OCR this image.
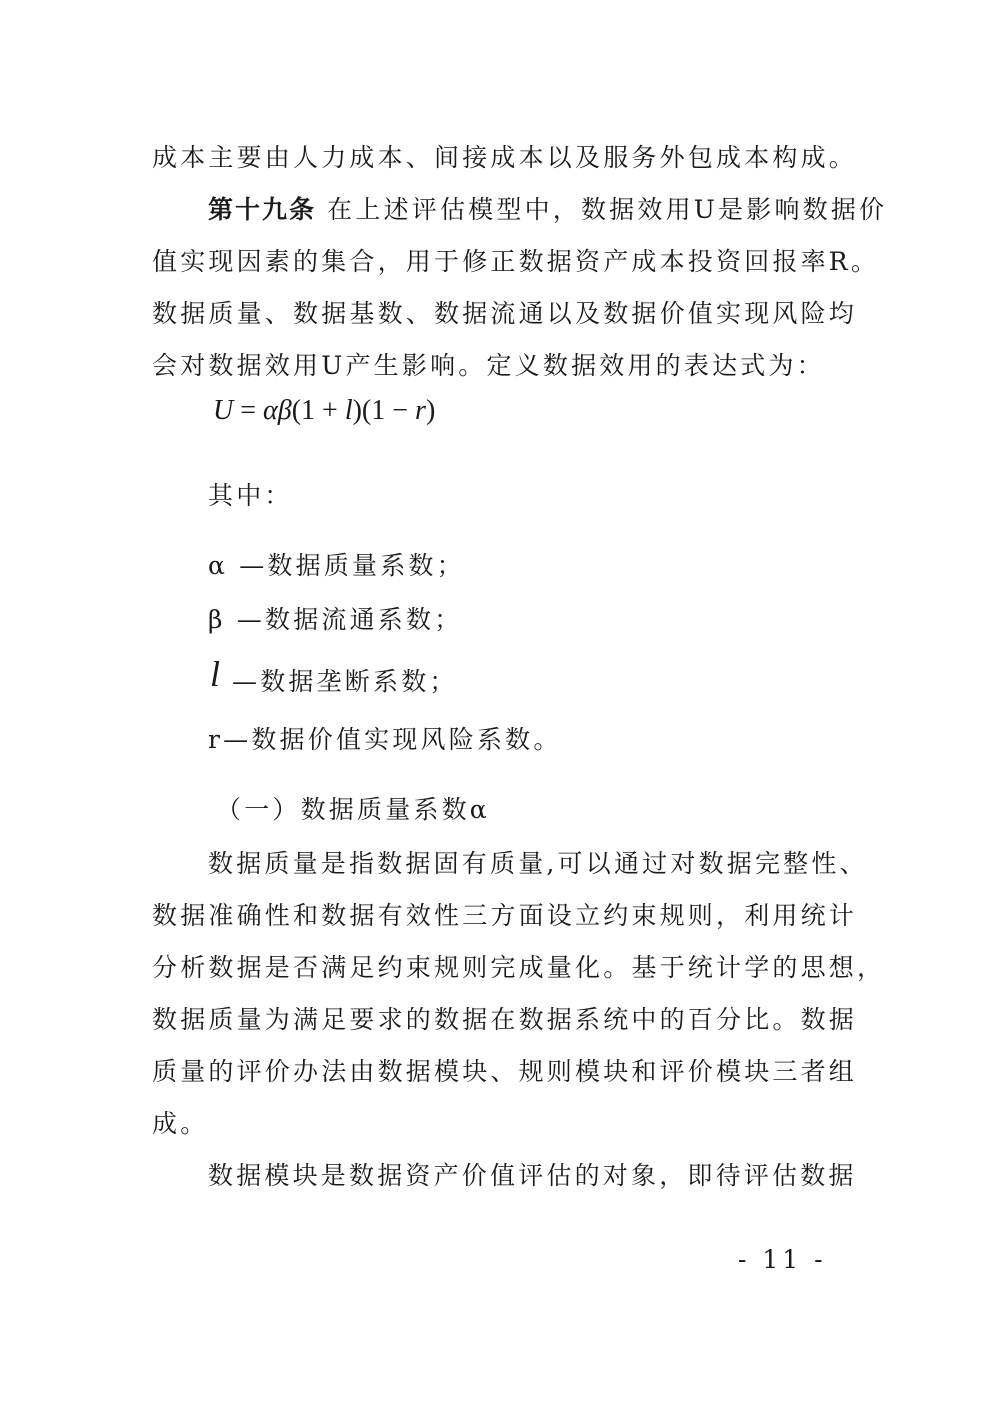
成本主要由人力成本、间接成本以及服务外包成本构成。
第十九条 在上述评估模型中，数据效用U是影响数据价
值实现因素的集合，用于修正数据资产成本投资回报率R。
数据质量、数据基数、数据流通以及数据价值实现风险均
会对数据效用U产生影响。定义数据效用的表达式为：
U = αβ(1 + l)(1 − r)
其中：
α —数据质量系数；
β —数据流通系数；
l —数据垄断系数；
r—数据价值实现风险系数。
（一）数据质量系数α
数据质量是指数据固有质量,可以通过对数据完整性、
数据准确性和数据有效性三方面设立约束规则，利用统计
分析数据是否满足约束规则完成量化。基于统计学的思想，
数据质量为满足要求的数据在数据系统中的百分比。数据
质量的评价办法由数据模块、规则模块和评价模块三者组
成。
数据模块是数据资产价值评估的对象，即待评估数据
- 11 -
